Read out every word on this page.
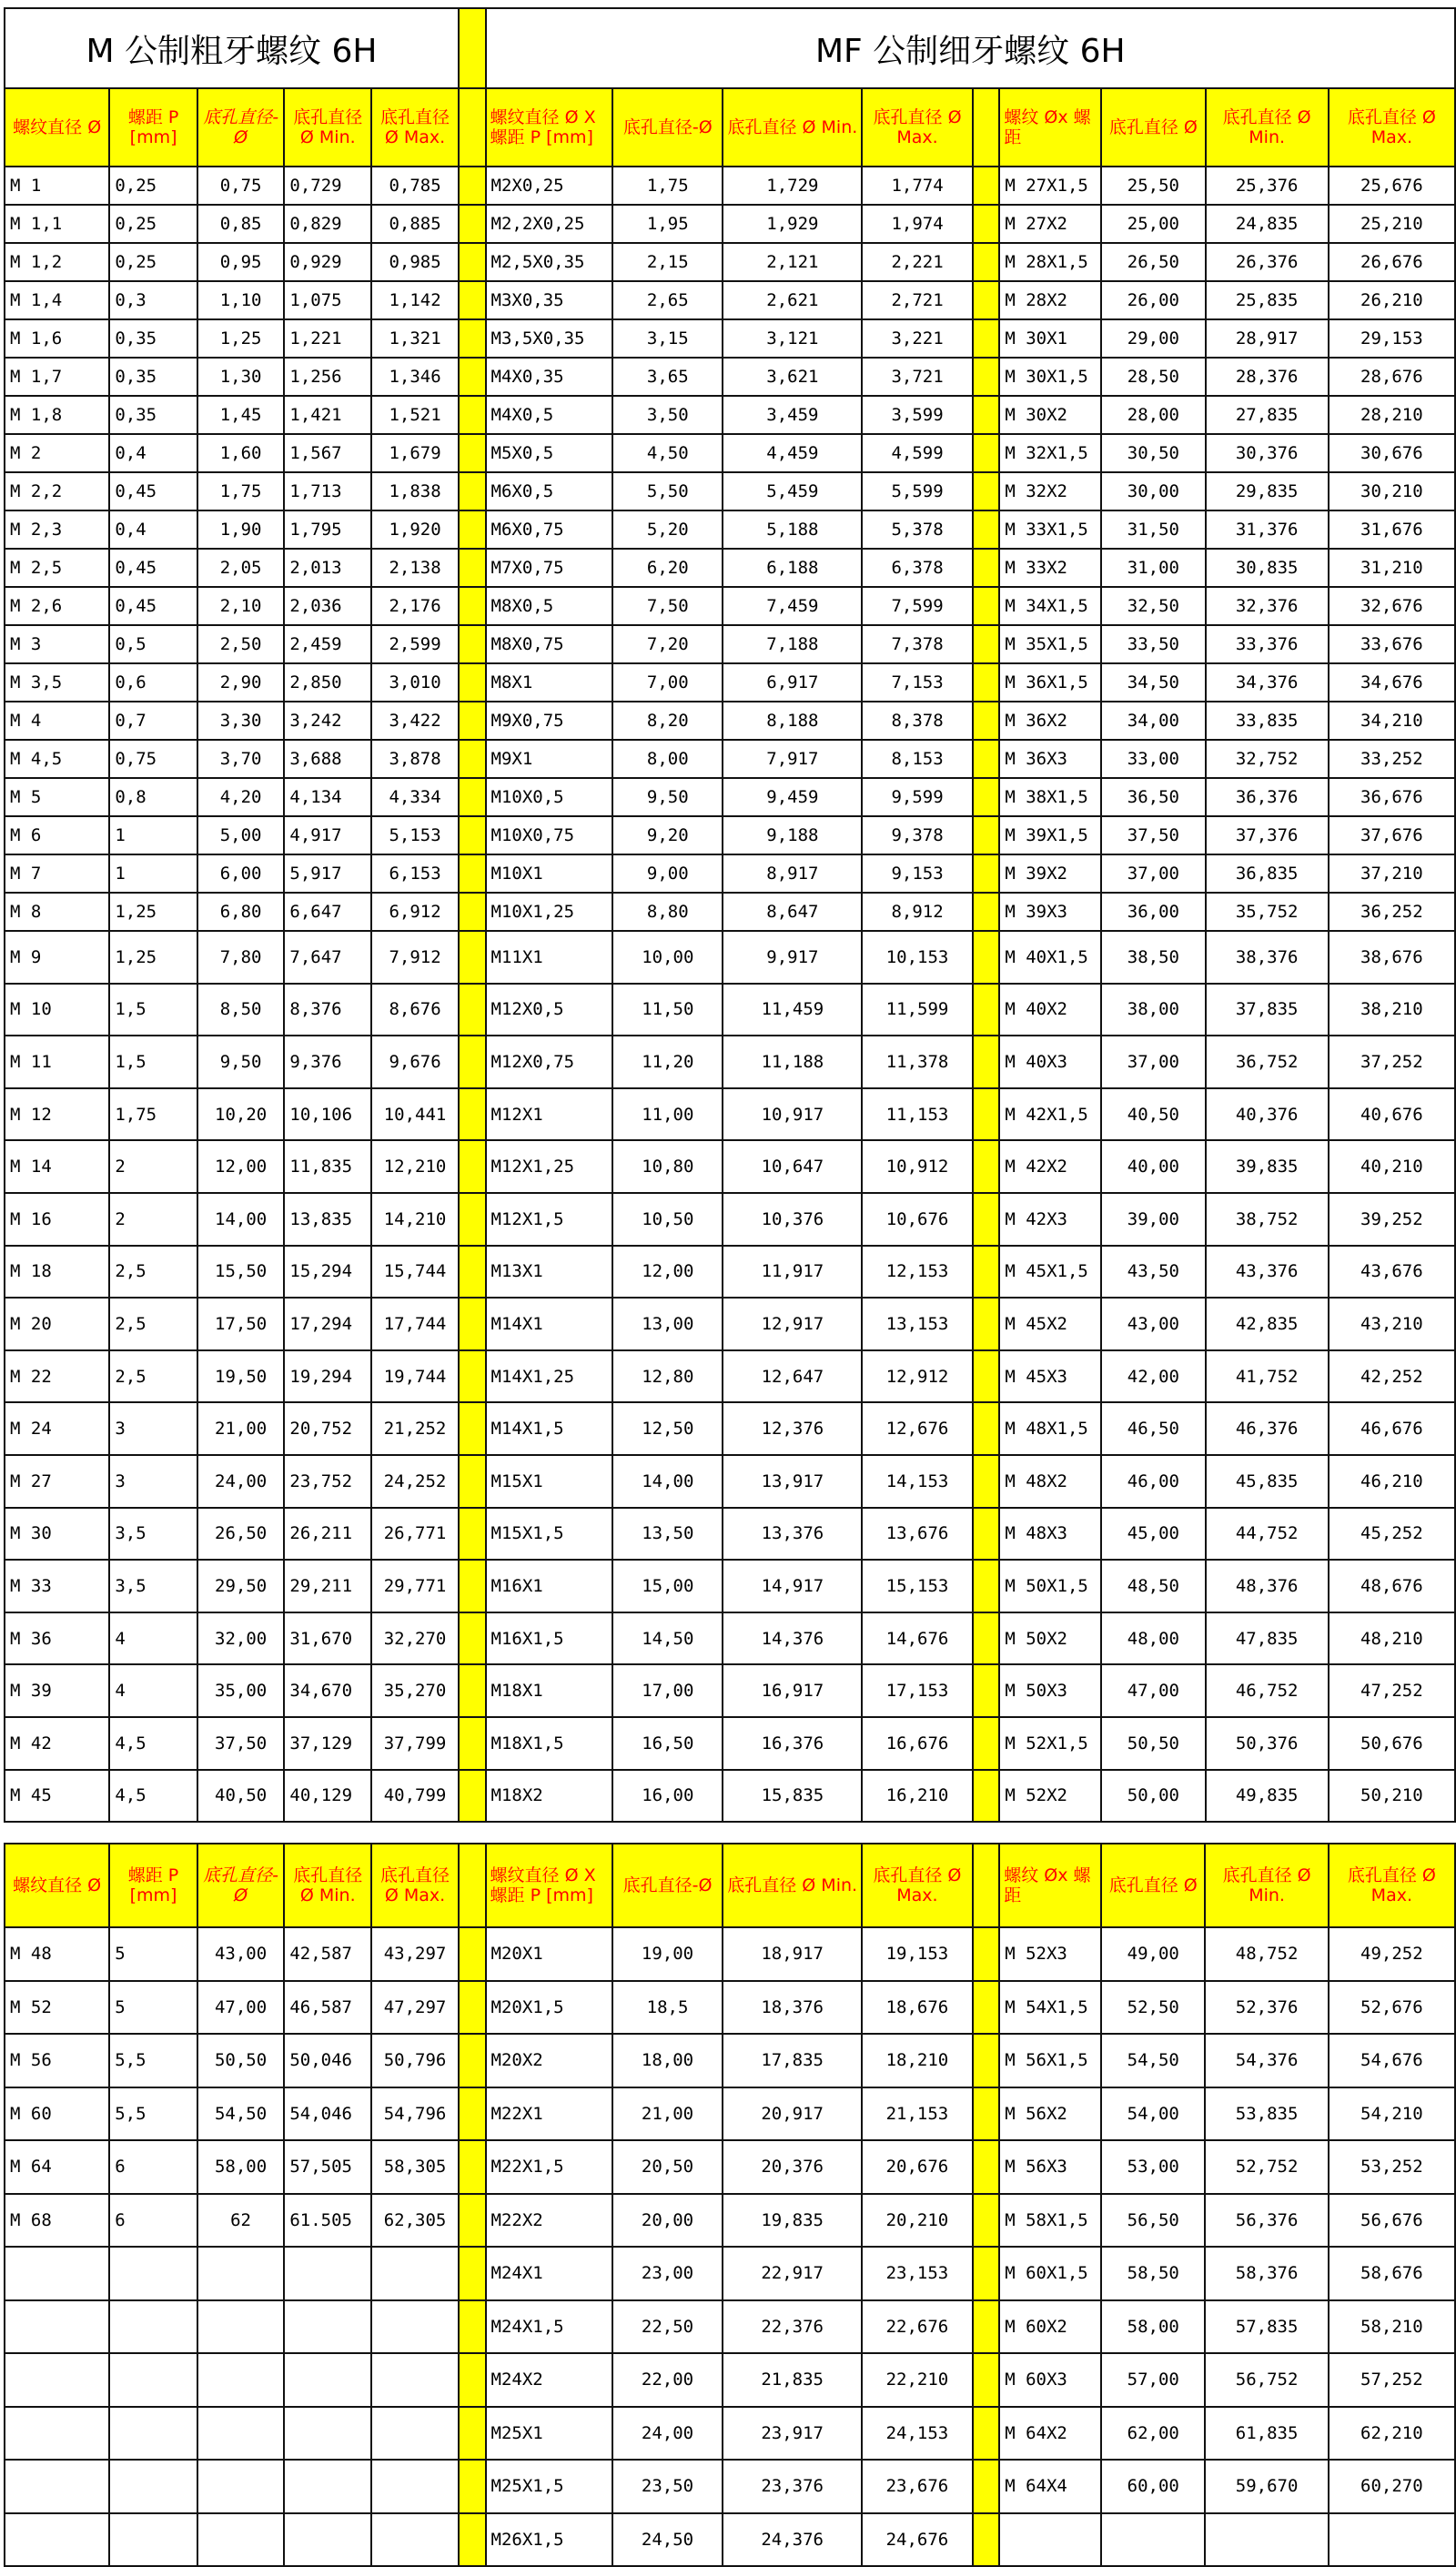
M 公制粗牙螺纹 6H						MF 公制细牙螺纹 6H								
螺纹直径 Ø	螺距 P [mm]	底孔直径-Ø	底孔直径 Ø Min.	底孔直径 Ø Max.		螺纹直径 Ø X 螺距 P [mm]	底孔直径-Ø	底孔直径 Ø Min.	底孔直径 Ø Max.		螺纹 Øx 螺距	底孔直径 Ø	底孔直径 Ø Min.	底孔直径 Ø Max.
M 1	0,25	0,75	0,729	0,785		M2X0,25	1,75	1,729	1,774		M 27X1,5	25,50	25,376	25,676
M 1,1	0,25	0,85	0,829	0,885		M2,2X0,25	1,95	1,929	1,974		M 27X2	25,00	24,835	25,210
M 1,2	0,25	0,95	0,929	0,985		M2,5X0,35	2,15	2,121	2,221		M 28X1,5	26,50	26,376	26,676
M 1,4	0,3	1,10	1,075	1,142		M3X0,35	2,65	2,621	2,721		M 28X2	26,00	25,835	26,210
M 1,6	0,35	1,25	1,221	1,321		M3,5X0,35	3,15	3,121	3,221		M 30X1	29,00	28,917	29,153
M 1,7	0,35	1,30	1,256	1,346		M4X0,35	3,65	3,621	3,721		M 30X1,5	28,50	28,376	28,676
M 1,8	0,35	1,45	1,421	1,521		M4X0,5	3,50	3,459	3,599		M 30X2	28,00	27,835	28,210
M 2	0,4	1,60	1,567	1,679		M5X0,5	4,50	4,459	4,599		M 32X1,5	30,50	30,376	30,676
M 2,2	0,45	1,75	1,713	1,838		M6X0,5	5,50	5,459	5,599		M 32X2	30,00	29,835	30,210
M 2,3	0,4	1,90	1,795	1,920		M6X0,75	5,20	5,188	5,378		M 33X1,5	31,50	31,376	31,676
M 2,5	0,45	2,05	2,013	2,138		M7X0,75	6,20	6,188	6,378		M 33X2	31,00	30,835	31,210
M 2,6	0,45	2,10	2,036	2,176		M8X0,5	7,50	7,459	7,599		M 34X1,5	32,50	32,376	32,676
M 3	0,5	2,50	2,459	2,599		M8X0,75	7,20	7,188	7,378		M 35X1,5	33,50	33,376	33,676
M 3,5	0,6	2,90	2,850	3,010		M8X1	7,00	6,917	7,153		M 36X1,5	34,50	34,376	34,676
M 4	0,7	3,30	3,242	3,422		M9X0,75	8,20	8,188	8,378		M 36X2	34,00	33,835	34,210
M 4,5	0,75	3,70	3,688	3,878		M9X1	8,00	7,917	8,153		M 36X3	33,00	32,752	33,252
M 5	0,8	4,20	4,134	4,334		M10X0,5	9,50	9,459	9,599		M 38X1,5	36,50	36,376	36,676
M 6	1	5,00	4,917	5,153		M10X0,75	9,20	9,188	9,378		M 39X1,5	37,50	37,376	37,676
M 7	1	6,00	5,917	6,153		M10X1	9,00	8,917	9,153		M 39X2	37,00	36,835	37,210
M 8	1,25	6,80	6,647	6,912		M10X1,25	8,80	8,647	8,912		M 39X3	36,00	35,752	36,252
M 9	1,25	7,80	7,647	7,912		M11X1	10,00	9,917	10,153		M 40X1,5	38,50	38,376	38,676
M 10	1,5	8,50	8,376	8,676		M12X0,5	11,50	11,459	11,599		M 40X2	38,00	37,835	38,210
M 11	1,5	9,50	9,376	9,676		M12X0,75	11,20	11,188	11,378		M 40X3	37,00	36,752	37,252
M 12	1,75	10,20	10,106	10,441		M12X1	11,00	10,917	11,153		M 42X1,5	40,50	40,376	40,676
M 14	2	12,00	11,835	12,210		M12X1,25	10,80	10,647	10,912		M 42X2	40,00	39,835	40,210
M 16	2	14,00	13,835	14,210		M12X1,5	10,50	10,376	10,676		M 42X3	39,00	38,752	39,252
M 18	2,5	15,50	15,294	15,744		M13X1	12,00	11,917	12,153		M 45X1,5	43,50	43,376	43,676
M 20	2,5	17,50	17,294	17,744		M14X1	13,00	12,917	13,153		M 45X2	43,00	42,835	43,210
M 22	2,5	19,50	19,294	19,744		M14X1,25	12,80	12,647	12,912		M 45X3	42,00	41,752	42,252
M 24	3	21,00	20,752	21,252		M14X1,5	12,50	12,376	12,676		M 48X1,5	46,50	46,376	46,676
M 27	3	24,00	23,752	24,252		M15X1	14,00	13,917	14,153		M 48X2	46,00	45,835	46,210
M 30	3,5	26,50	26,211	26,771		M15X1,5	13,50	13,376	13,676		M 48X3	45,00	44,752	45,252
M 33	3,5	29,50	29,211	29,771		M16X1	15,00	14,917	15,153		M 50X1,5	48,50	48,376	48,676
M 36	4	32,00	31,670	32,270		M16X1,5	14,50	14,376	14,676		M 50X2	48,00	47,835	48,210
M 39	4	35,00	34,670	35,270		M18X1	17,00	16,917	17,153		M 50X3	47,00	46,752	47,252
M 42	4,5	37,50	37,129	37,799		M18X1,5	16,50	16,376	16,676		M 52X1,5	50,50	50,376	50,676
M 45	4,5	40,50	40,129	40,799		M18X2	16,00	15,835	16,210		M 52X2	50,00	49,835	50,210
螺纹直径 Ø	螺距 P [mm]	底孔直径-Ø	底孔直径 Ø Min.	底孔直径 Ø Max.		螺纹直径 Ø X 螺距 P [mm]	底孔直径-Ø	底孔直径 Ø Min.	底孔直径 Ø Max.		螺纹 Øx 螺距	底孔直径 Ø	底孔直径 Ø Min.	底孔直径 Ø Max.
M 48	5	43,00	42,587	43,297		M20X1	19,00	18,917	19,153		M 52X3	49,00	48,752	49,252
M 52	5	47,00	46,587	47,297		M20X1,5	18,5	18,376	18,676		M 54X1,5	52,50	52,376	52,676
M 56	5,5	50,50	50,046	50,796		M20X2	18,00	17,835	18,210		M 56X1,5	54,50	54,376	54,676
M 60	5,5	54,50	54,046	54,796		M22X1	21,00	20,917	21,153		M 56X2	54,00	53,835	54,210
M 64	6	58,00	57,505	58,305		M22X1,5	20,50	20,376	20,676		M 56X3	53,00	52,752	53,252
M 68	6	62	61.505	62,305		M22X2	20,00	19,835	20,210		M 58X1,5	56,50	56,376	56,676
						M24X1	23,00	22,917	23,153		M 60X1,5	58,50	58,376	58,676
						M24X1,5	22,50	22,376	22,676		M 60X2	58,00	57,835	58,210
						M24X2	22,00	21,835	22,210		M 60X3	57,00	56,752	57,252
						M25X1	24,00	23,917	24,153		M 64X2	62,00	61,835	62,210
						M25X1,5	23,50	23,376	23,676		M 64X4	60,00	59,670	60,270
						M26X1,5	24,50	24,376	24,676					
